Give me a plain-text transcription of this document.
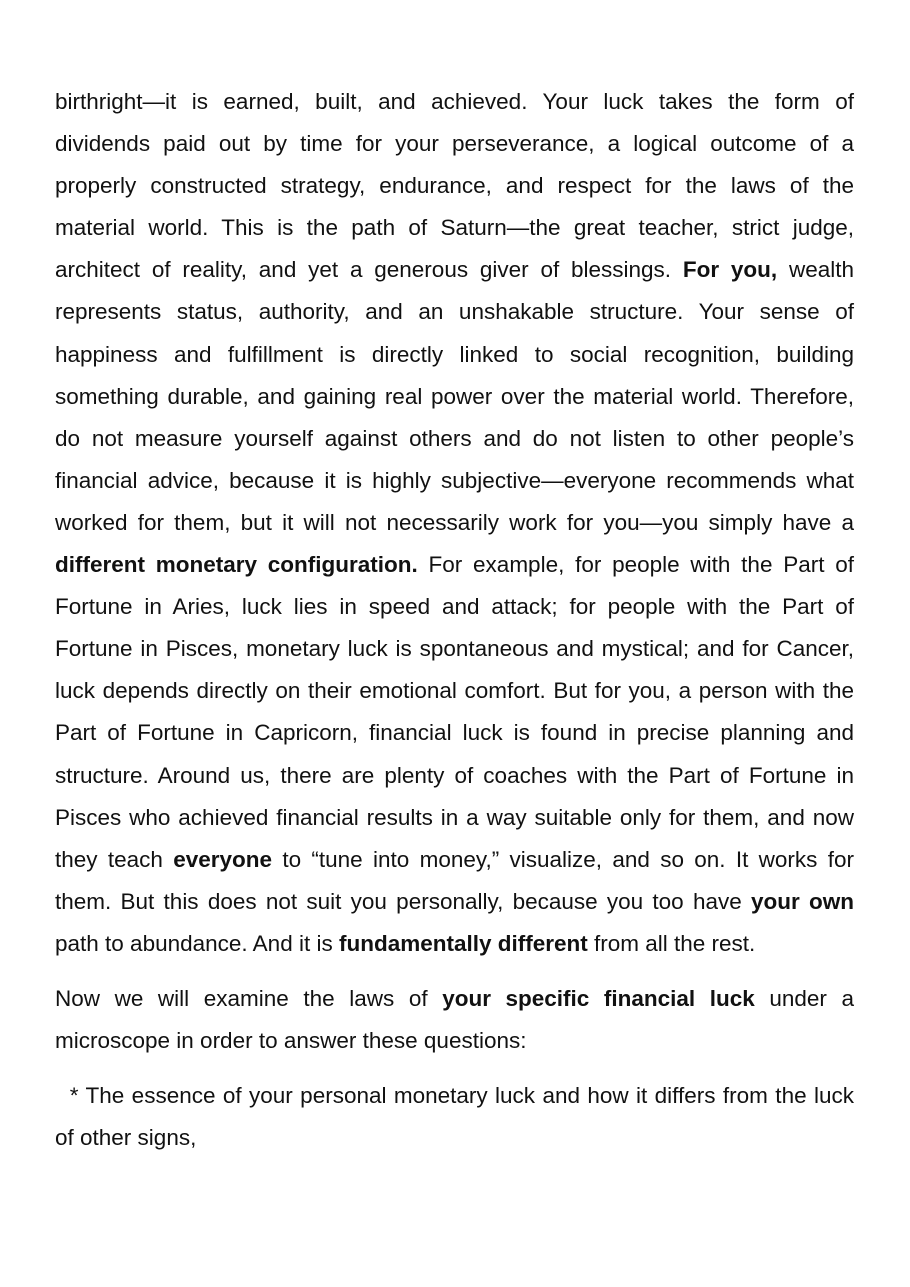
birthright—it is earned, built, and achieved. Your luck takes the form of dividends paid out by time for your perseverance, a logical outcome of a properly constructed strategy, endurance, and respect for the laws of the material world. This is the path of Saturn—the great teacher, strict judge, architect of reality, and yet a generous giver of blessings. For you, wealth represents status, authority, and an unshakable structure. Your sense of happiness and fulfillment is directly linked to social recognition, building something durable, and gaining real power over the material world. Therefore, do not measure yourself against others and do not listen to other people’s financial advice, because it is highly subjective—everyone recommends what worked for them, but it will not necessarily work for you—you simply have a different monetary configuration. For example, for people with the Part of Fortune in Aries, luck lies in speed and attack; for people with the Part of Fortune in Pisces, monetary luck is spontaneous and mystical; and for Cancer, luck depends directly on their emotional comfort. But for you, a person with the Part of Fortune in Capricorn, financial luck is found in precise planning and structure. Around us, there are plenty of coaches with the Part of Fortune in Pisces who achieved financial results in a way suitable only for them, and now they teach everyone to “tune into money,” visualize, and so on. It works for them. But this does not suit you personally, because you too have your own path to abundance. And it is fundamentally different from all the rest.

Now we will examine the laws of your specific financial luck under a microscope in order to answer these questions:

* The essence of your personal monetary luck and how it differs from the luck of other signs,
